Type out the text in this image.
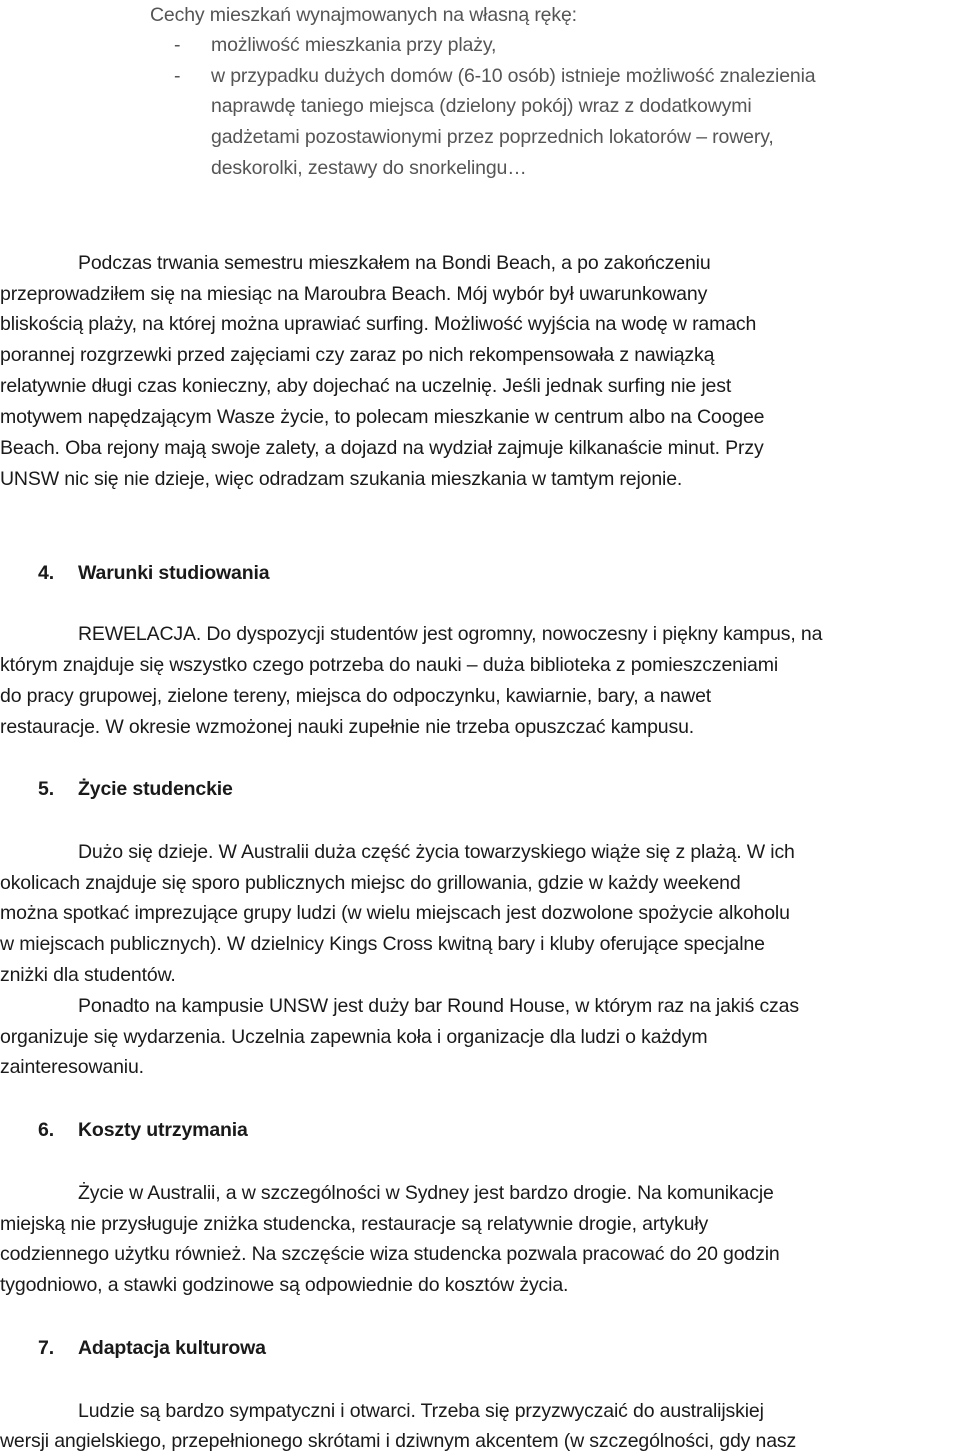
Cechy mieszkań wynajmowanych na własną rękę:
- możliwość mieszkania przy plaży,
- w przypadku dużych domów (6-10 osób) istnieje możliwość znalezienia
naprawdę taniego miejsca (dzielony pokój) wraz z dodatkowymi
gadżetami pozostawionymi przez poprzednich lokatorów – rowery,
deskorolki, zestawy do snorkelingu…
Podczas trwania semestru mieszkałem na Bondi Beach, a po zakończeniu
przeprowadziłem się na miesiąc na Maroubra Beach. Mój wybór był uwarunkowany
bliskością plaży, na której można uprawiać surfing. Możliwość wyjścia na wodę w ramach
porannej rozgrzewki przed zajęciami czy zaraz po nich rekompensowała z nawiązką
relatywnie długi czas konieczny, aby dojechać na uczelnię. Jeśli jednak surfing nie jest
motywem napędzającym Wasze życie, to polecam mieszkanie w centrum albo na Coogee
Beach. Oba rejony mają swoje zalety, a dojazd na wydział zajmuje kilkanaście minut. Przy
UNSW nic się nie dzieje, więc odradzam szukania mieszkania w tamtym rejonie.
4. Warunki studiowania
REWELACJA. Do dyspozycji studentów jest ogromny, nowoczesny i piękny kampus, na
którym znajduje się wszystko czego potrzeba do nauki – duża biblioteka z pomieszczeniami
do pracy grupowej, zielone tereny, miejsca do odpoczynku, kawiarnie, bary, a nawet
restauracje. W okresie wzmożonej nauki zupełnie nie trzeba opuszczać kampusu.
5. Życie studenckie
Dużo się dzieje. W Australii duża część życia towarzyskiego wiąże się z plażą. W ich
okolicach znajduje się sporo publicznych miejsc do grillowania, gdzie w każdy weekend
można spotkać imprezujące grupy ludzi (w wielu miejscach jest dozwolone spożycie alkoholu
w miejscach publicznych). W dzielnicy Kings Cross kwitną bary i kluby oferujące specjalne
zniżki dla studentów.
Ponadto na kampusie UNSW jest duży bar Round House, w którym raz na jakiś czas
organizuje się wydarzenia. Uczelnia zapewnia koła i organizacje dla ludzi o każdym
zainteresowaniu.
6. Koszty utrzymania
Życie w Australii, a w szczególności w Sydney jest bardzo drogie. Na komunikacje
miejską nie przysługuje zniżka studencka, restauracje są relatywnie drogie, artykuły
codziennego użytku również. Na szczęście wiza studencka pozwala pracować do 20 godzin
tygodniowo, a stawki godzinowe są odpowiednie do kosztów życia.
7. Adaptacja kulturowa
Ludzie są bardzo sympatyczni i otwarci. Trzeba się przyzwyczaić do australijskiej
wersji angielskiego, przepełnionego skrótami i dziwnym akcentem (w szczególności, gdy nasz
